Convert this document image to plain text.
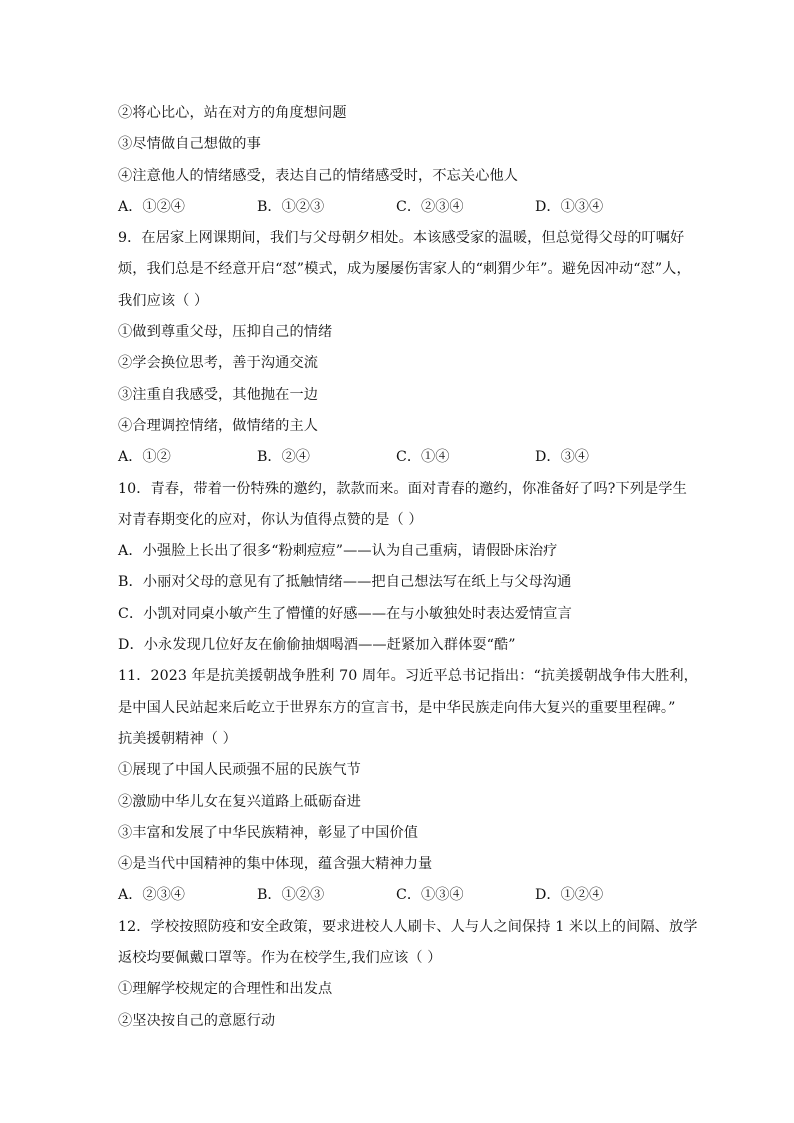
②将心比心，站在对方的角度想问题
③尽情做自己想做的事
④注意他人的情绪感受，表达自己的情绪感受时，不忘关心他人
A．①②④	B．①②③	C．②③④	D．①③④
9．在居家上网课期间，我们与父母朝夕相处。本该感受家的温暖，但总觉得父母的叮嘱好
烦，我们总是不经意开启“怼”模式，成为屡屡伤害家人的“刺猬少年”。避免因冲动“怼”人，
我们应该（ ）
①做到尊重父母，压抑自己的情绪
②学会换位思考，善于沟通交流
③注重自我感受，其他抛在一边
④合理调控情绪，做情绪的主人
A．①②	B．②④	C．①④	D．③④
10．青春，带着一份特殊的邀约，款款而来。面对青春的邀约，你准备好了吗?下列是学生
对青春期变化的应对，你认为值得点赞的是（ ）
A．小强脸上长出了很多“粉刺痘痘”——认为自己重病，请假卧床治疗
B．小丽对父母的意见有了抵触情绪——把自己想法写在纸上与父母沟通
C．小凯对同桌小敏产生了懵懂的好感——在与小敏独处时表达爱情宣言
D．小永发现几位好友在偷偷抽烟喝酒——赶紧加入群体耍“酷”
11．2023 年是抗美援朝战争胜利 70 周年。习近平总书记指出：“抗美援朝战争伟大胜利，
是中国人民站起来后屹立于世界东方的宣言书，是中华民族走向伟大复兴的重要里程碑。”
抗美援朝精神（ ）
①展现了中国人民顽强不屈的民族气节
②激励中华儿女在复兴道路上砥砺奋进
③丰富和发展了中华民族精神，彰显了中国价值
④是当代中国精神的集中体现，蕴含强大精神力量
A．②③④	B．①②③	C．①③④	D．①②④
12．学校按照防疫和安全政策，要求进校人人刷卡、人与人之间保持 1 米以上的间隔、放学
返校均要佩戴口罩等。作为在校学生,我们应该（ ）
①理解学校规定的合理性和出发点
②坚决按自己的意愿行动
